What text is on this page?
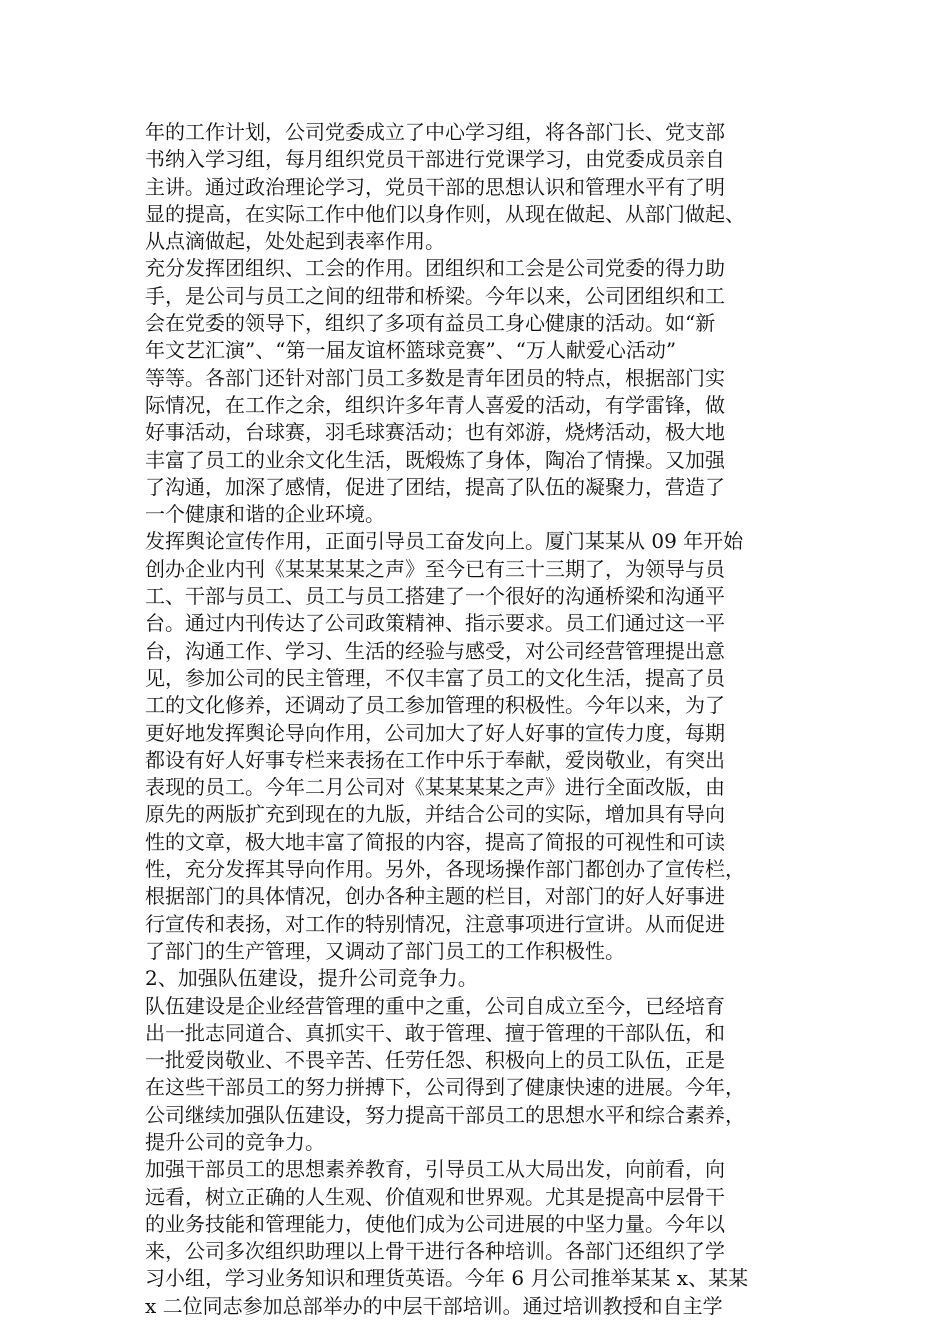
年的工作计划，公司党委成立了中心学习组，将各部门长、党支部
书纳入学习组，每月组织党员干部进行党课学习，由党委成员亲自
主讲。通过政治理论学习，党员干部的思想认识和管理水平有了明
显的提高，在实际工作中他们以身作则，从现在做起、从部门做起、
从点滴做起，处处起到表率作用。
充分发挥团组织、工会的作用。团组织和工会是公司党委的得力助
手，是公司与员工之间的纽带和桥梁。今年以来，公司团组织和工
会在党委的领导下，组织了多项有益员工身心健康的活动。如“新
年文艺汇演”、“第一届友谊杯篮球竞赛”、“万人献爱心活动”
等等。各部门还针对部门员工多数是青年团员的特点，根据部门实
际情况，在工作之余，组织许多年青人喜爱的活动，有学雷锋，做
好事活动，台球赛，羽毛球赛活动；也有郊游，烧烤活动，极大地
丰富了员工的业余文化生活，既煅炼了身体，陶冶了情操。又加强
了沟通，加深了感情，促进了团结，提高了队伍的凝聚力，营造了
一个健康和谐的企业环境。
发挥舆论宣传作用，正面引导员工奋发向上。厦门某某从 09 年开始
创办企业内刊《某某某某之声》至今已有三十三期了，为领导与员
工、干部与员工、员工与员工搭建了一个很好的沟通桥梁和沟通平
台。通过内刊传达了公司政策精神、指示要求。员工们通过这一平
台，沟通工作、学习、生活的经验与感受，对公司经营管理提出意
见，参加公司的民主管理，不仅丰富了员工的文化生活，提高了员
工的文化修养，还调动了员工参加管理的积极性。今年以来，为了
更好地发挥舆论导向作用，公司加大了好人好事的宣传力度，每期
都设有好人好事专栏来表扬在工作中乐于奉献，爱岗敬业，有突出
表现的员工。今年二月公司对《某某某某之声》进行全面改版，由
原先的两版扩充到现在的九版，并结合公司的实际，增加具有导向
性的文章，极大地丰富了简报的内容，提高了简报的可视性和可读
性，充分发挥其导向作用。另外，各现场操作部门都创办了宣传栏，
根据部门的具体情况，创办各种主题的栏目，对部门的好人好事进
行宣传和表扬，对工作的特别情况，注意事项进行宣讲。从而促进
了部门的生产管理，又调动了部门员工的工作积极性。
2、加强队伍建设，提升公司竞争力。
队伍建设是企业经营管理的重中之重，公司自成立至今，已经培育
出一批志同道合、真抓实干、敢于管理、擅于管理的干部队伍，和
一批爱岗敬业、不畏辛苦、任劳任怨、积极向上的员工队伍，正是
在这些干部员工的努力拼搏下，公司得到了健康快速的进展。今年，
公司继续加强队伍建设，努力提高干部员工的思想水平和综合素养，
提升公司的竞争力。
加强干部员工的思想素养教育，引导员工从大局出发，向前看，向
远看，树立正确的人生观、价值观和世界观。尤其是提高中层骨干
的业务技能和管理能力，使他们成为公司进展的中坚力量。今年以
来，公司多次组织助理以上骨干进行各种培训。各部门还组织了学
习小组，学习业务知识和理货英语。今年 6 月公司推举某某 x、某某
x 二位同志参加总部举办的中层干部培训。通过培训教授和自主学
